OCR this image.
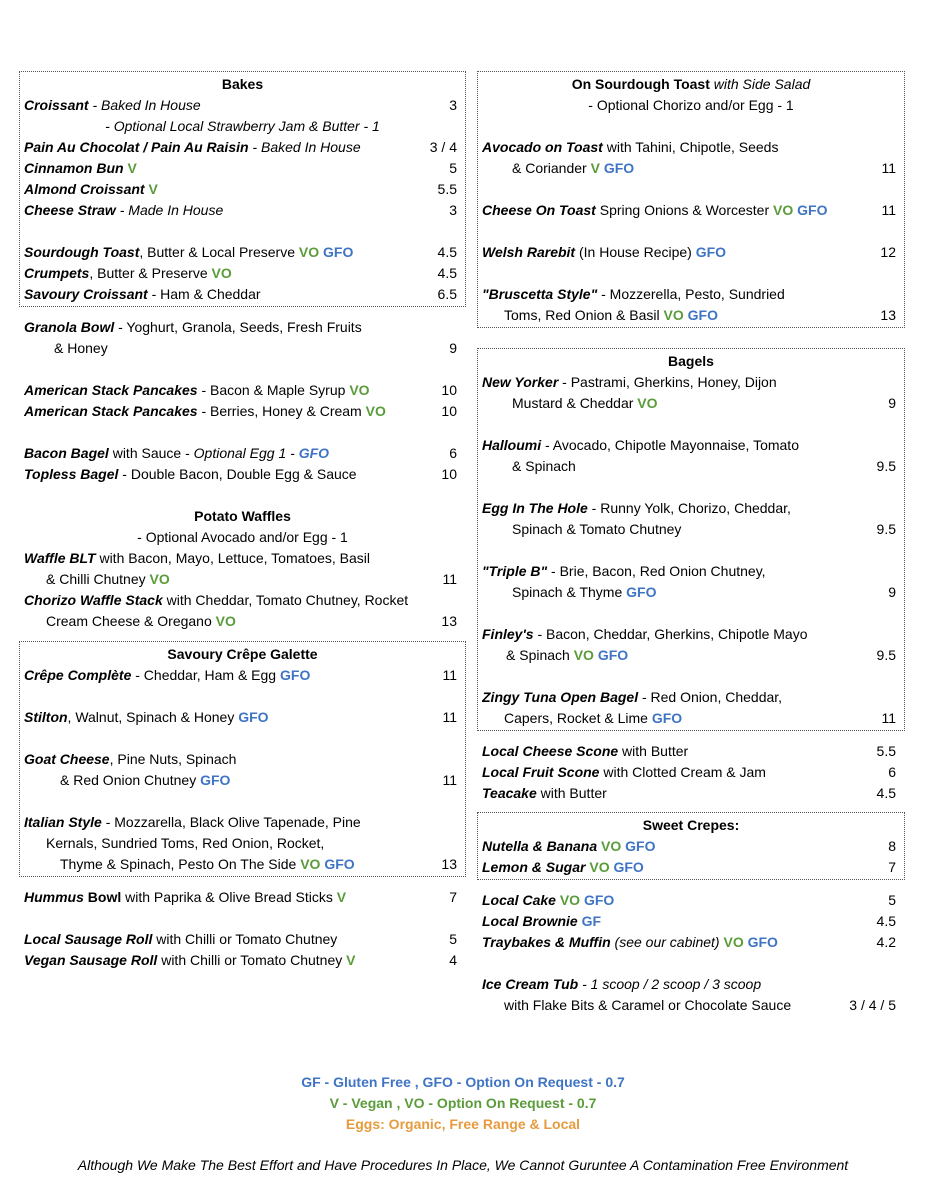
Bakes
Croissant - Baked In House	3
- Optional Local Strawberry Jam & Butter - 1
Pain Au Chocolat / Pain Au Raisin - Baked In House	3 / 4
Cinnamon Bun V	5
Almond Croissant V	5.5
Cheese Straw - Made In House	3
Sourdough Toast, Butter & Local Preserve VO GFO	4.5
Crumpets, Butter & Preserve VO	4.5
Savoury Croissant - Ham & Cheddar	6.5
Granola Bowl - Yoghurt, Granola, Seeds, Fresh Fruits
& Honey	9
American Stack Pancakes - Bacon & Maple Syrup VO	10
American Stack Pancakes - Berries, Honey & Cream VO	10
Bacon Bagel with Sauce - Optional Egg 1 - GFO	6
Topless Bagel - Double Bacon, Double Egg & Sauce	10
Potato Waffles
- Optional Avocado and/or Egg - 1
Waffle BLT with Bacon, Mayo, Lettuce, Tomatoes, Basil
& Chilli Chutney VO	11
Chorizo Waffle Stack with Cheddar, Tomato Chutney, Rocket
Cream Cheese & Oregano VO	13
Savoury Crêpe Galette
Crêpe Complète - Cheddar, Ham & Egg GFO	11
Stilton, Walnut, Spinach & Honey GFO	11
Goat Cheese, Pine Nuts, Spinach
& Red Onion Chutney GFO	11
Italian Style - Mozzarella, Black Olive Tapenade, Pine
Kernals, Sundried Toms, Red Onion, Rocket,
Thyme & Spinach, Pesto On The Side VO GFO	13
Hummus Bowl with Paprika & Olive Bread Sticks V	7
Local Sausage Roll with Chilli or Tomato Chutney	5
Vegan Sausage Roll with Chilli or Tomato Chutney V	4
On Sourdough Toast with Side Salad
- Optional Chorizo and/or Egg - 1
Avocado on Toast with Tahini, Chipotle, Seeds
& Coriander V GFO	11
Cheese On Toast Spring Onions & Worcester VO GFO	11
Welsh Rarebit (In House Recipe) GFO	12
"Bruscetta Style" - Mozzerella, Pesto, Sundried
Toms, Red Onion & Basil VO GFO	13
Bagels
New Yorker - Pastrami, Gherkins, Honey, Dijon
Mustard & Cheddar VO	9
Halloumi - Avocado, Chipotle Mayonnaise, Tomato
& Spinach	9.5
Egg In The Hole - Runny Yolk, Chorizo, Cheddar,
Spinach & Tomato Chutney	9.5
"Triple B" - Brie, Bacon, Red Onion Chutney,
Spinach & Thyme GFO	9
Finley's - Bacon, Cheddar, Gherkins, Chipotle Mayo
& Spinach VO GFO	9.5
Zingy Tuna Open Bagel - Red Onion, Cheddar,
Capers, Rocket & Lime GFO	11
Local Cheese Scone with Butter	5.5
Local Fruit Scone with Clotted Cream & Jam	6
Teacake with Butter	4.5
Sweet Crepes:
Nutella & Banana VO GFO	8
Lemon & Sugar VO GFO	7
Local Cake VO GFO	5
Local Brownie GF	4.5
Traybakes & Muffin (see our cabinet) VO GFO	4.2
Ice Cream Tub - 1 scoop / 2 scoop / 3 scoop
with Flake Bits & Caramel or Chocolate Sauce	3 / 4 / 5
GF - Gluten Free , GFO - Option On Request - 0.7
V - Vegan , VO - Option On Request - 0.7
Eggs: Organic, Free Range & Local
Although We Make The Best Effort and Have Procedures In Place, We Cannot Guruntee A Contamination Free Environment
